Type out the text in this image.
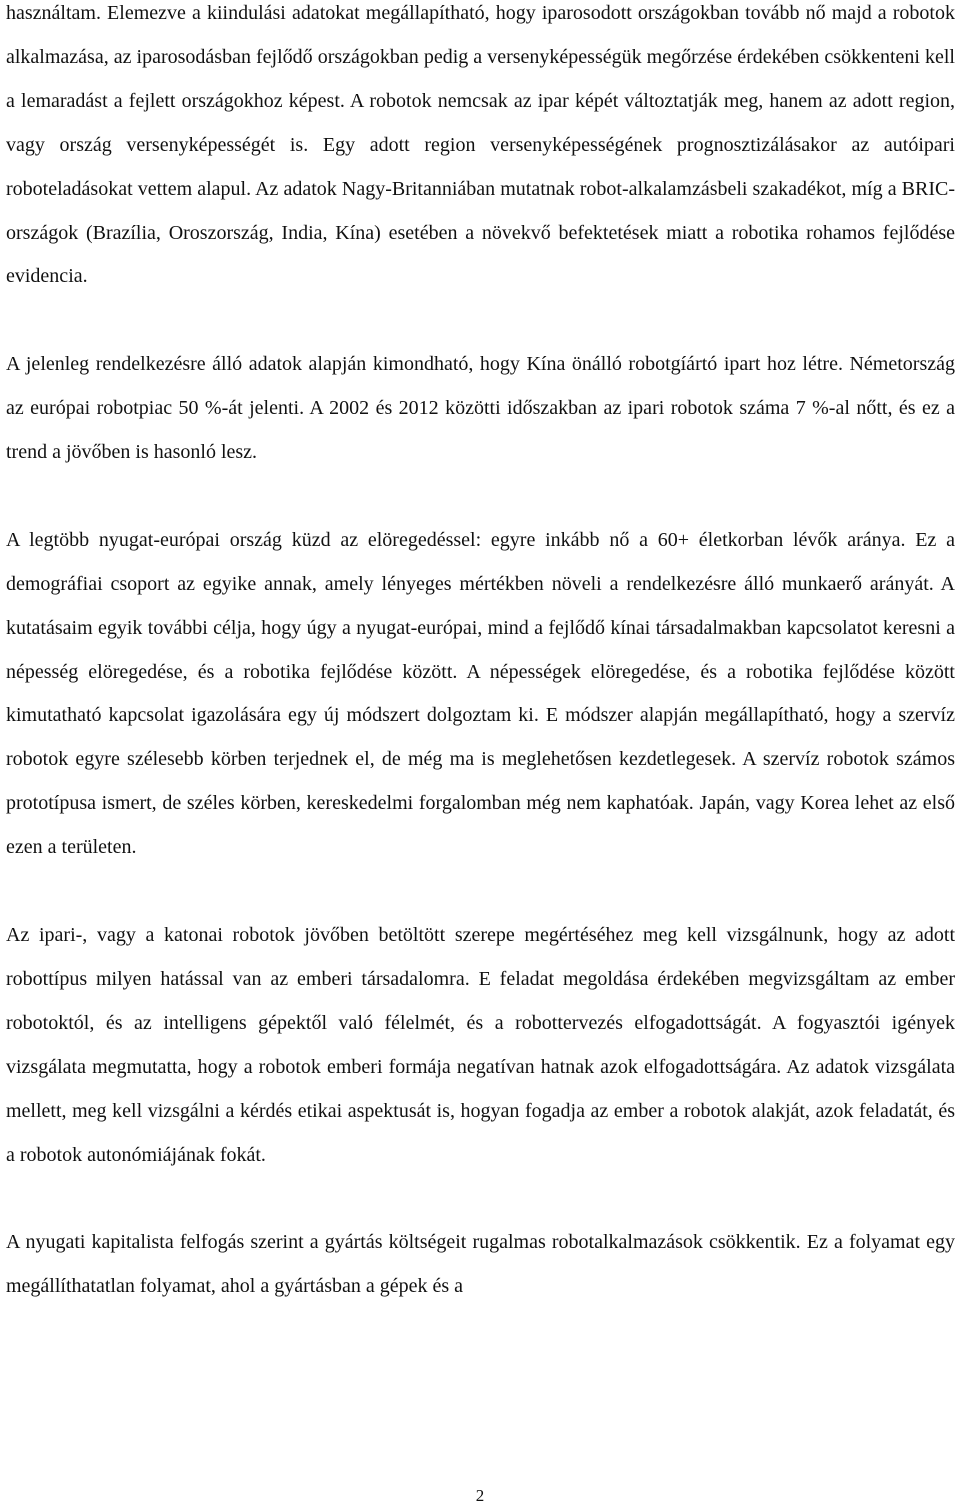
használtam. Elemezve a kiindulási adatokat megállapítható, hogy iparosodott országokban tovább nő majd a robotok alkalmazása, az iparosodásban fejlődő országokban pedig a versenyképességük megőrzése érdekében csökkenteni kell a lemaradást a fejlett országokhoz képest. A robotok nemcsak az ipar képét változtatják meg, hanem az adott region, vagy ország versenyképességét is. Egy adott region versenyképességének prognosztizálásakor az autóipari roboteladásokat vettem alapul. Az adatok Nagy-Britanniában mutatnak robot-alkalamzásbeli szakadékot, míg a BRIC-országok (Brazília, Oroszország, India, Kína) esetében a növekvő befektetések miatt a robotika rohamos fejlődése evidencia.

A jelenleg rendelkezésre álló adatok alapján kimondható, hogy Kína önálló robotgíártó ipart hoz létre. Németország az európai robotpiac 50 %-át jelenti. A 2002 és 2012 közötti időszakban az ipari robotok száma 7 %-al nőtt, és ez a trend a jövőben is hasonló lesz.

A legtöbb nyugat-európai ország küzd az elöregedéssel: egyre inkább nő a 60+ életkorban lévők aránya. Ez a demográfiai csoport az egyike annak, amely lényeges mértékben növeli a rendelkezésre álló munkaerő arányát. A kutatásaim egyik további célja, hogy úgy a nyugat-európai, mind a fejlődő kínai társadalmakban kapcsolatot keresni a népesség elöregedése, és a robotika fejlődése között. A népességek elöregedése, és a robotika fejlődése között kimutatható kapcsolat igazolására egy új módszert dolgoztam ki. E módszer alapján megállapítható, hogy a szervíz robotok egyre szélesebb körben terjednek el, de még ma is meglehetősen kezdetlegesek. A szervíz robotok számos prototípusa ismert, de széles körben, kereskedelmi forgalomban még nem kaphatóak. Japán, vagy Korea lehet az első ezen a területen.

Az ipari-, vagy a katonai robotok jövőben betöltött szerepe megértéséhez meg kell vizsgálnunk, hogy az adott robottípus milyen hatással van az emberi társadalomra. E feladat megoldása érdekében megvizsgáltam az ember robotoktól, és az intelligens gépektől való félelmét, és a robottervezés elfogadottságát. A fogyasztói igények vizsgálata megmutatta, hogy a robotok emberi formája negatívan hatnak azok elfogadottságára. Az adatok vizsgálata mellett, meg kell vizsgálni a kérdés etikai aspektusát is, hogyan fogadja az ember a robotok alakját, azok feladatát, és a robotok autonómiájának fokát.

A nyugati kapitalista felfogás szerint a gyártás költségeit rugalmas robotalkalmazások csökkentik. Ez a folyamat egy megállíthatatlan folyamat, ahol a gyártásban a gépek és a

2
